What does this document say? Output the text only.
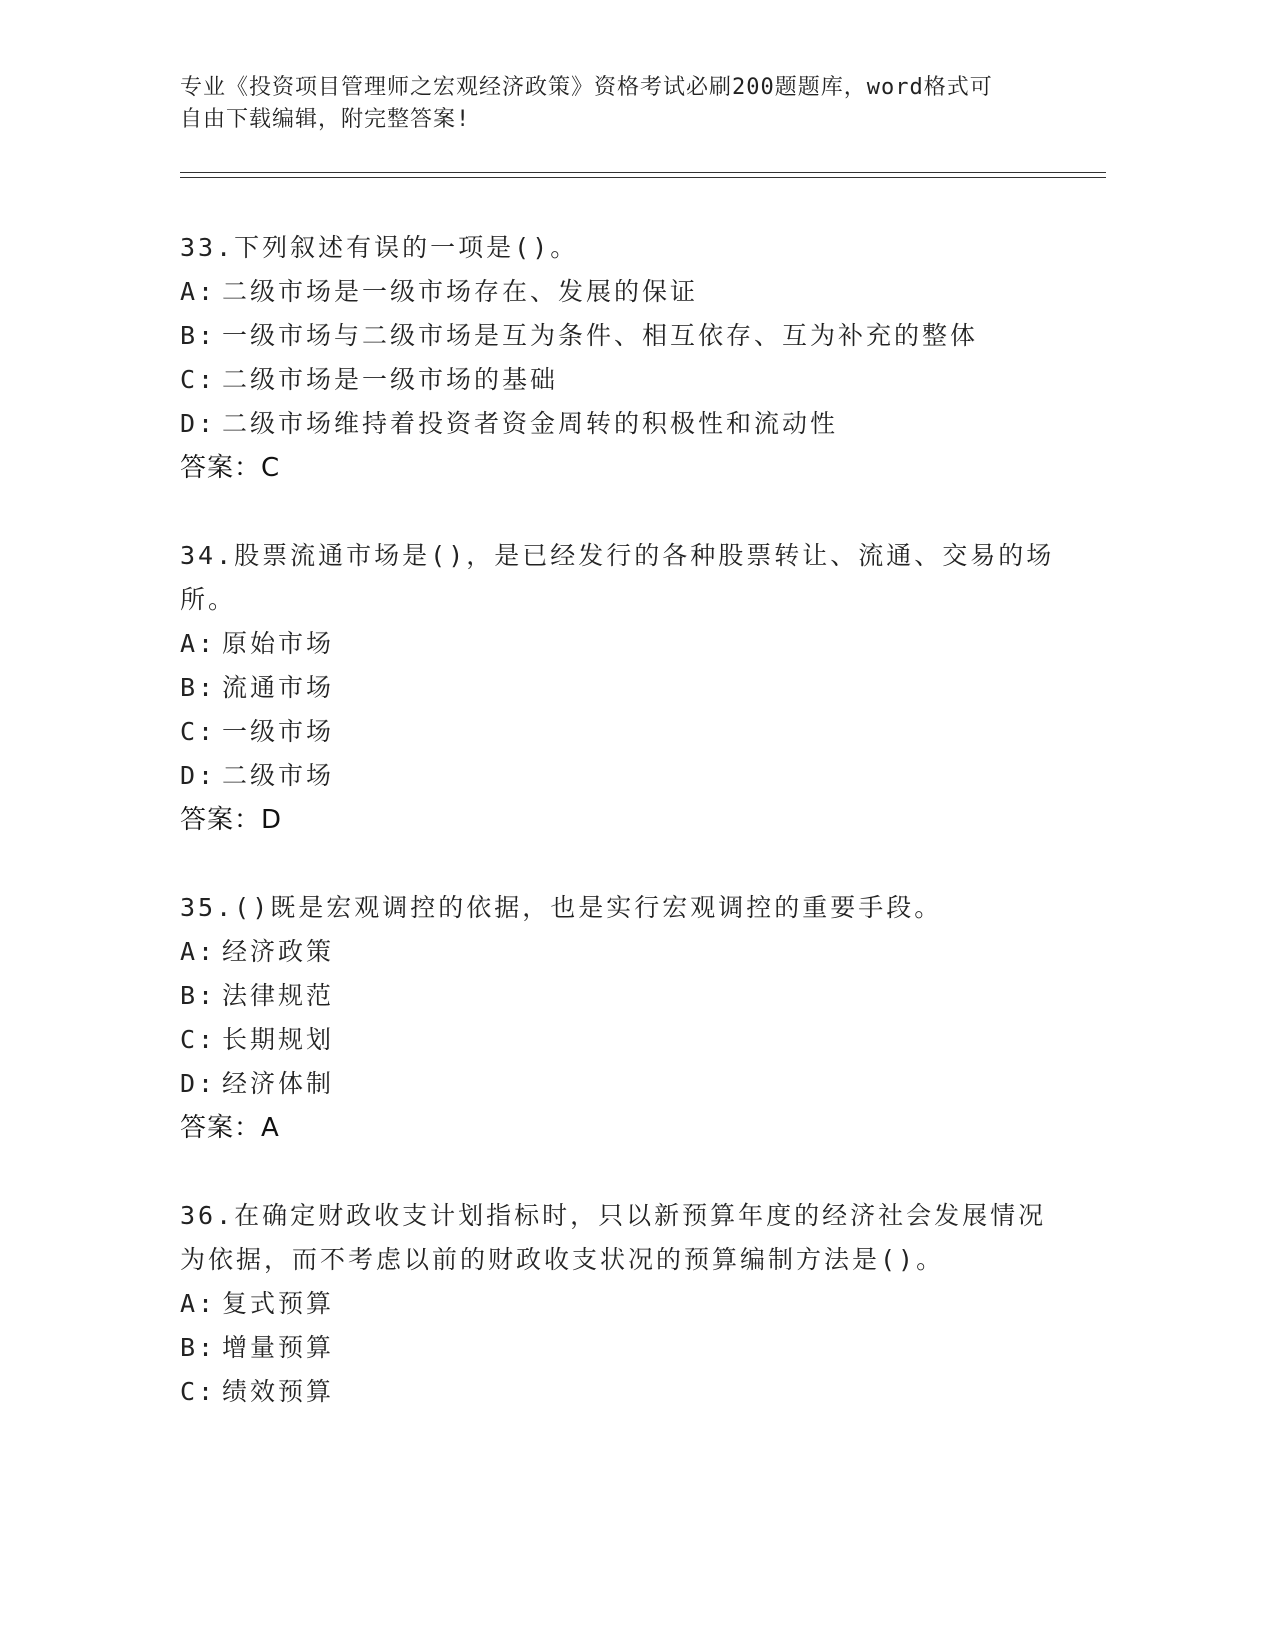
专业《投资项目管理师之宏观经济政策》资格考试必刷200题题库，word格式可
自由下载编辑，附完整答案!
33.下列叙述有误的一项是()。
A: 二级市场是一级市场存在、发展的保证
B: 一级市场与二级市场是互为条件、相互依存、互为补充的整体
C: 二级市场是一级市场的基础
D: 二级市场维持着投资者资金周转的积极性和流动性
答案：C
34.股票流通市场是()，是已经发行的各种股票转让、流通、交易的场
所。
A: 原始市场
B: 流通市场
C: 一级市场
D: 二级市场
答案：D
35.()既是宏观调控的依据，也是实行宏观调控的重要手段。
A: 经济政策
B: 法律规范
C: 长期规划
D: 经济体制
答案：A
36.在确定财政收支计划指标时，只以新预算年度的经济社会发展情况
为依据，而不考虑以前的财政收支状况的预算编制方法是()。
A: 复式预算
B: 增量预算
C: 绩效预算
